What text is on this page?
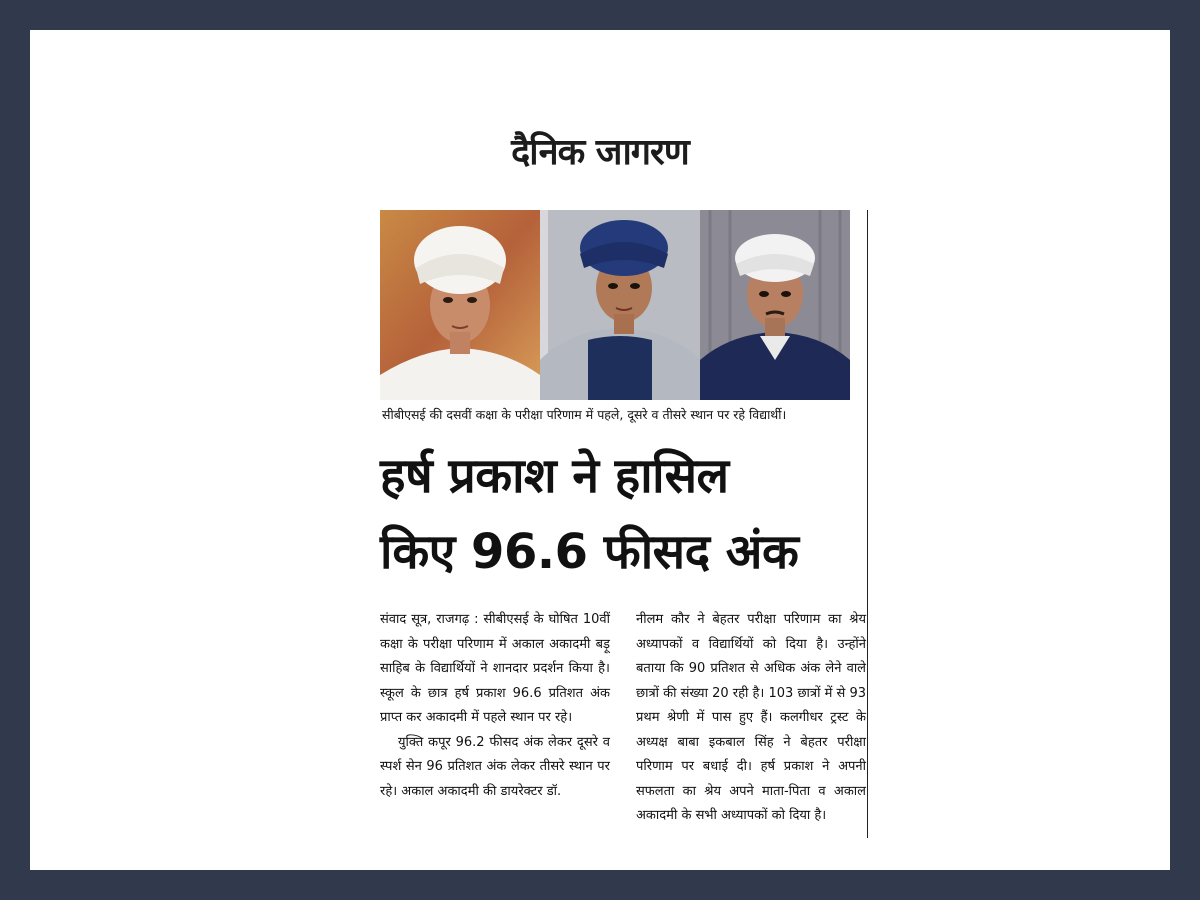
दैनिक जागरण
सीबीएसई की दसवीं कक्षा के परीक्षा परिणाम में पहले, दूसरे व तीसरे स्थान पर रहे विद्यार्थी।
हर्ष प्रकाश ने हासिल
किए 96.6 फीसद अंक

संवाद सूत्र, राजगढ़ : सीबीएसई के घोषित 10वीं कक्षा के परीक्षा परिणाम में अकाल अकादमी बड़ू साहिब के विद्यार्थियों ने शानदार प्रदर्शन किया है। स्कूल के छात्र हर्ष प्रकाश 96.6 प्रतिशत अंक प्राप्त कर अकादमी में पहले स्थान पर रहे।

युक्ति कपूर 96.2 फीसद अंक लेकर दूसरे व स्पर्श सेन 96 प्रतिशत अंक लेकर तीसरे स्थान पर रहे। अकाल अकादमी की डायरेक्टर डॉ.

नीलम कौर ने बेहतर परीक्षा परिणाम का श्रेय अध्यापकों व विद्यार्थियों को दिया है। उन्होंने बताया कि 90 प्रतिशत से अधिक अंक लेने वाले छात्रों की संख्या 20 रही है। 103 छात्रों में से 93 प्रथम श्रेणी में पास हुए हैं। कलगीधर ट्रस्ट के अध्यक्ष बाबा इकबाल सिंह ने बेहतर परीक्षा परिणाम पर बधाई दी। हर्ष प्रकाश ने अपनी सफलता का श्रेय अपने माता-पिता व अकाल अकादमी के सभी अध्यापकों को दिया है।
